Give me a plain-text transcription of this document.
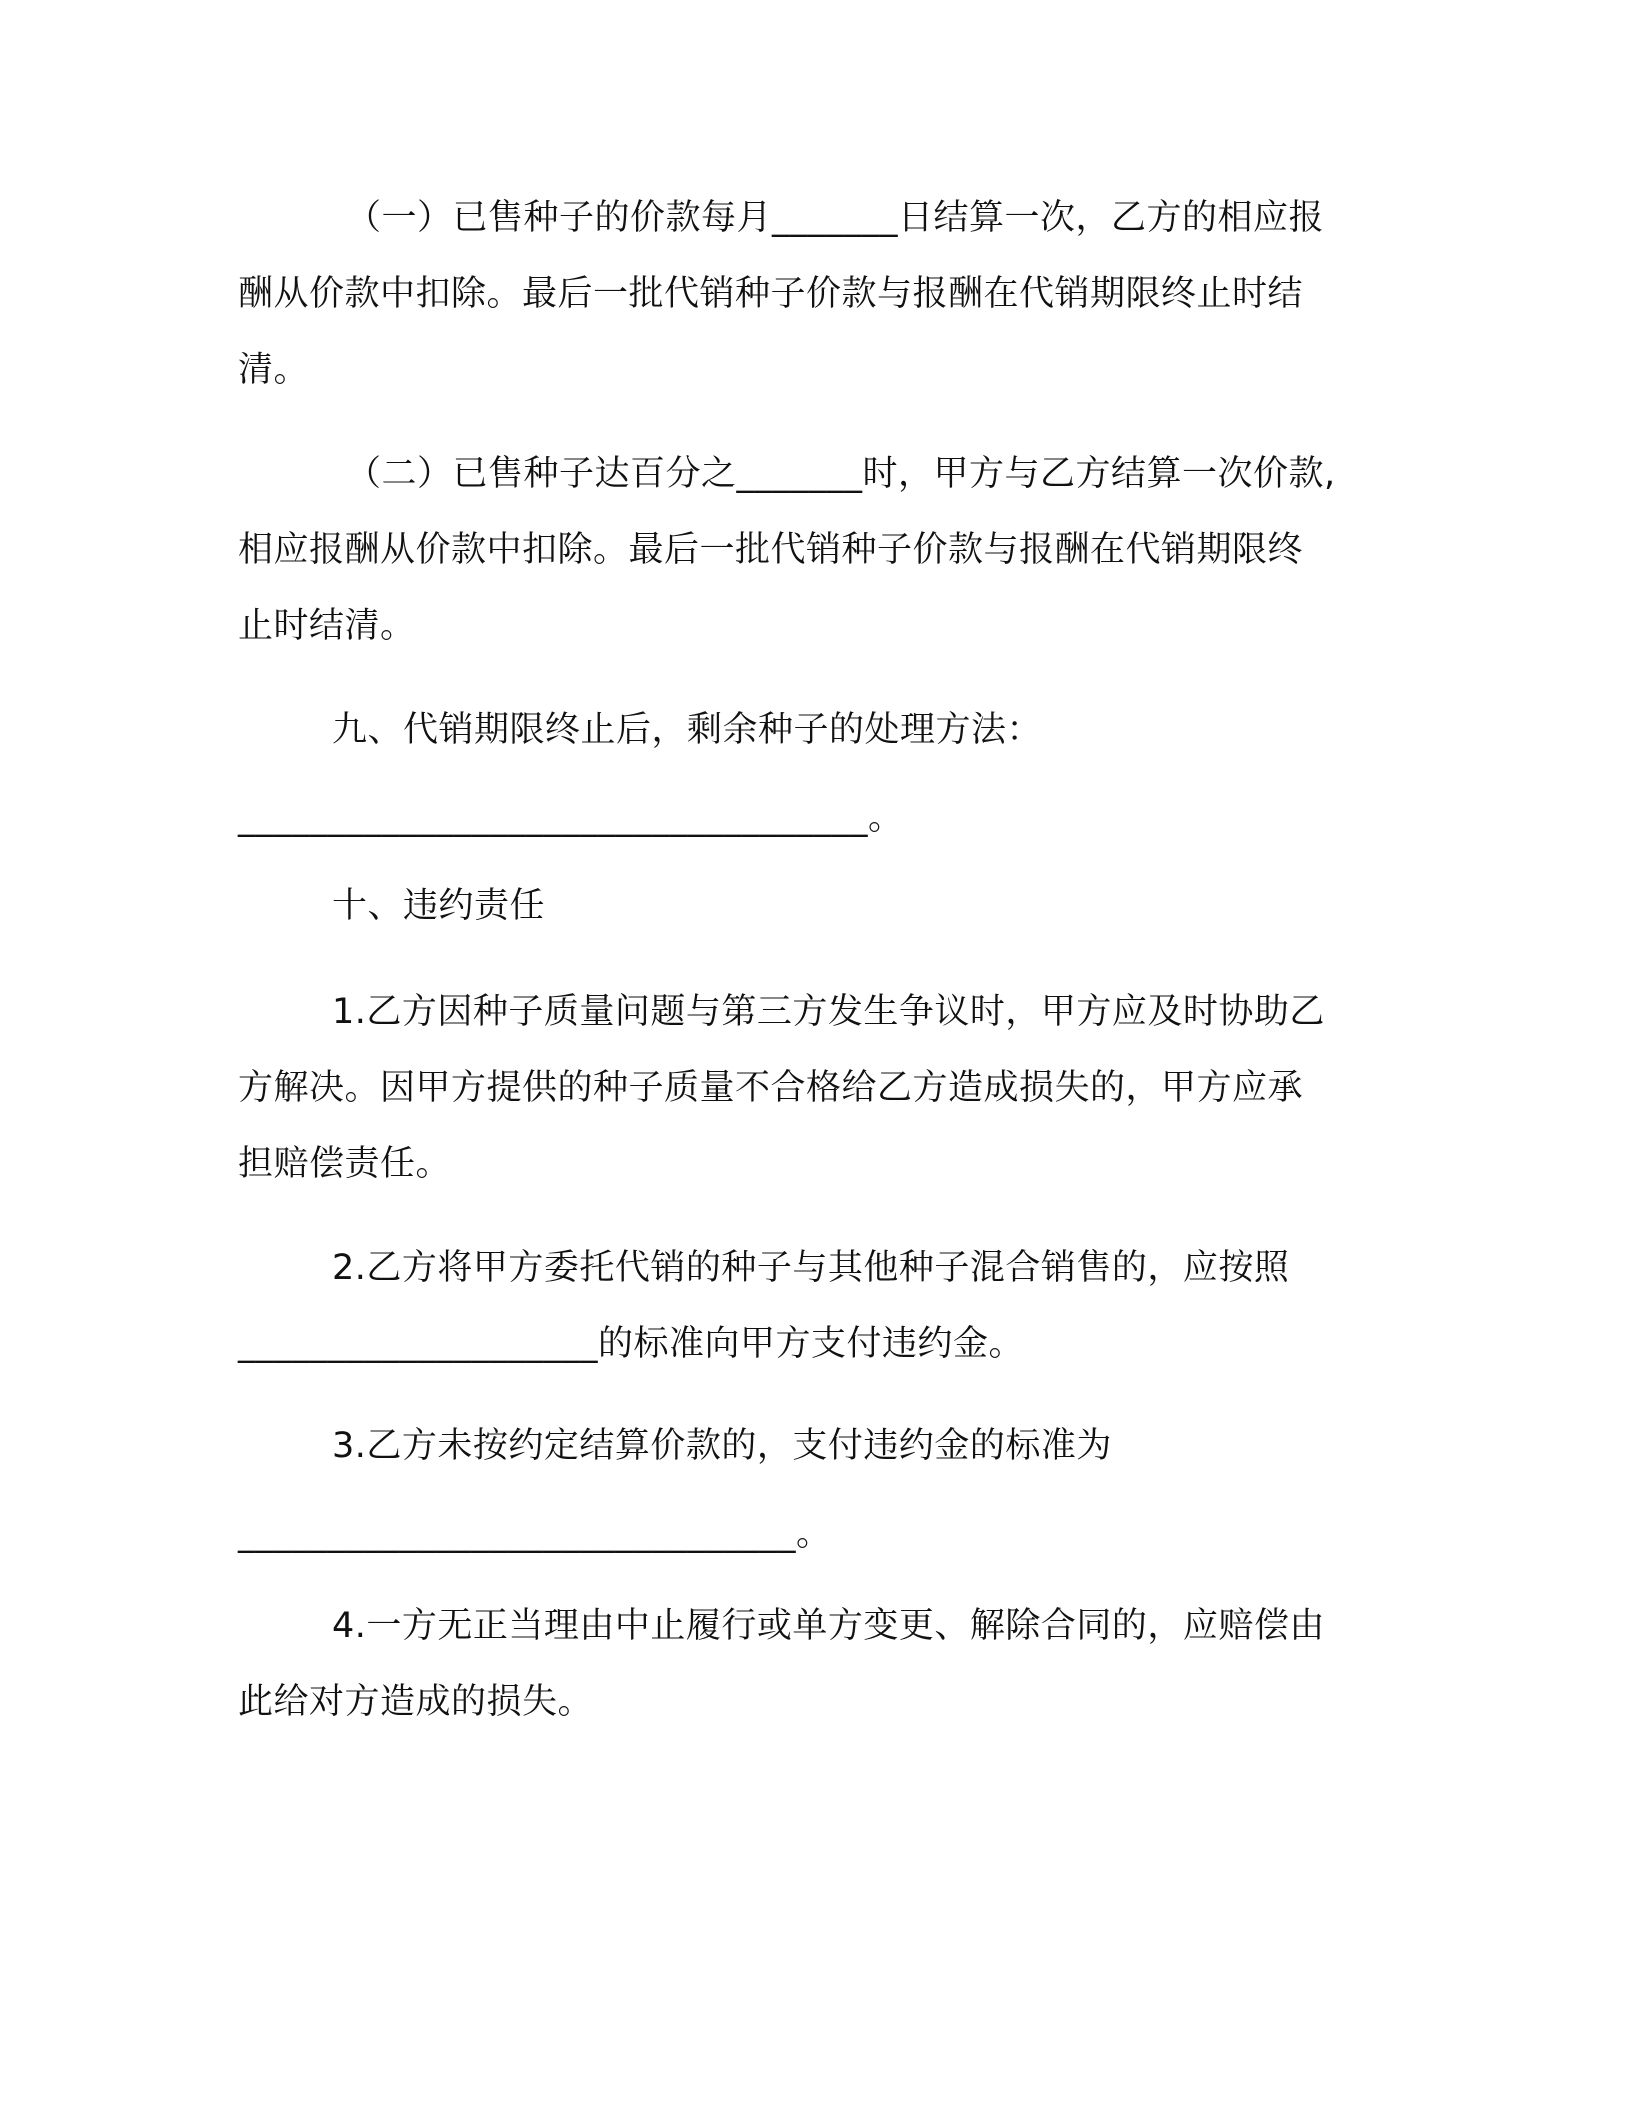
（一）已售种子的价款每月_______日结算一次，乙方的相应报
酬从价款中扣除。最后一批代销种子价款与报酬在代销期限终止时结
清。
（二）已售种子达百分之_______时，甲方与乙方结算一次价款,
相应报酬从价款中扣除。最后一批代销种子价款与报酬在代销期限终
止时结清。
九、代销期限终止后，剩余种子的处理方法：
___________________________________。
十、违约责任
1.乙方因种子质量问题与第三方发生争议时，甲方应及时协助乙
方解决。因甲方提供的种子质量不合格给乙方造成损失的，甲方应承
担赔偿责任。
2.乙方将甲方委托代销的种子与其他种子混合销售的，应按照
____________________的标准向甲方支付违约金。
3.乙方未按约定结算价款的，支付违约金的标准为
_______________________________。
4.一方无正当理由中止履行或单方变更、解除合同的，应赔偿由
此给对方造成的损失。
